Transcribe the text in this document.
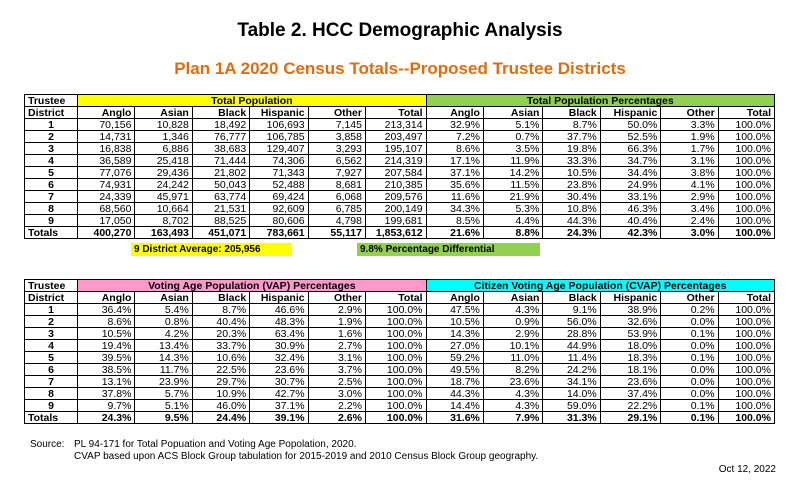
Table 2. HCC Demographic Analysis
Plan 1A 2020 Census Totals--Proposed Trustee Districts
Trustee	Total Population						Total Population Percentages					
District	Anglo	Asian	Black	Hispanic	Other	Total	Anglo	Asian	Black	Hispanic	Other	Total
1	70,156	10,828	18,492	106,693	7,145	213,314	32.9%	5.1%	8.7%	50.0%	3.3%	100.0%
2	14,731	1,346	76,777	106,785	3,858	203,497	7.2%	0.7%	37.7%	52.5%	1.9%	100.0%
3	16,838	6,886	38,683	129,407	3,293	195,107	8.6%	3.5%	19.8%	66.3%	1.7%	100.0%
4	36,589	25,418	71,444	74,306	6,562	214,319	17.1%	11.9%	33.3%	34.7%	3.1%	100.0%
5	77,076	29,436	21,802	71,343	7,927	207,584	37.1%	14.2%	10.5%	34.4%	3.8%	100.0%
6	74,931	24,242	50,043	52,488	8,681	210,385	35.6%	11.5%	23.8%	24.9%	4.1%	100.0%
7	24,339	45,971	63,774	69,424	6,068	209,576	11.6%	21.9%	30.4%	33.1%	2.9%	100.0%
8	68,560	10,664	21,531	92,609	6,785	200,149	34.3%	5.3%	10.8%	46.3%	3.4%	100.0%
9	17,050	8,702	88,525	80,606	4,798	199,681	8.5%	4.4%	44.3%	40.4%	2.4%	100.0%
Totals	400,270	163,493	451,071	783,661	55,117	1,853,612	21.6%	8.8%	24.3%	42.3%	3.0%	100.0%
9 District Average: 205,956	9.8% Percentage Differential
Trustee	Voting Age Population (VAP) Percentages						Citizen Voting Age Population (CVAP) Percentages					
District	Anglo	Asian	Black	Hispanic	Other	Total	Anglo	Asian	Black	Hispanic	Other	Total
1	36.4%	5.4%	8.7%	46.6%	2.9%	100.0%	47.5%	4.3%	9.1%	38.9%	0.2%	100.0%
2	8.6%	0.8%	40.4%	48.3%	1.9%	100.0%	10.5%	0.9%	56.0%	32.6%	0.0%	100.0%
3	10.5%	4.2%	20.3%	63.4%	1.6%	100.0%	14.3%	2.9%	28.8%	53.9%	0.1%	100.0%
4	19.4%	13.4%	33.7%	30.9%	2.7%	100.0%	27.0%	10.1%	44.9%	18.0%	0.0%	100.0%
5	39.5%	14.3%	10.6%	32.4%	3.1%	100.0%	59.2%	11.0%	11.4%	18.3%	0.1%	100.0%
6	38.5%	11.7%	22.5%	23.6%	3.7%	100.0%	49.5%	8.2%	24.2%	18.1%	0.0%	100.0%
7	13.1%	23.9%	29.7%	30.7%	2.5%	100.0%	18.7%	23.6%	34.1%	23.6%	0.0%	100.0%
8	37.8%	5.7%	10.9%	42.7%	3.0%	100.0%	44.3%	4.3%	14.0%	37.4%	0.0%	100.0%
9	9.7%	5.1%	46.0%	37.1%	2.2%	100.0%	14.4%	4.3%	59.0%	22.2%	0.1%	100.0%
Totals	24.3%	9.5%	24.4%	39.1%	2.6%	100.0%	31.6%	7.9%	31.3%	29.1%	0.1%	100.0%
Source: PL 94-171 for Total Popuation and Voting Age Popolation, 2020.
CVAP based upon ACS Block Group tabulation for 2015-2019 and 2010 Census Block Group geography.
Oct 12, 2022
